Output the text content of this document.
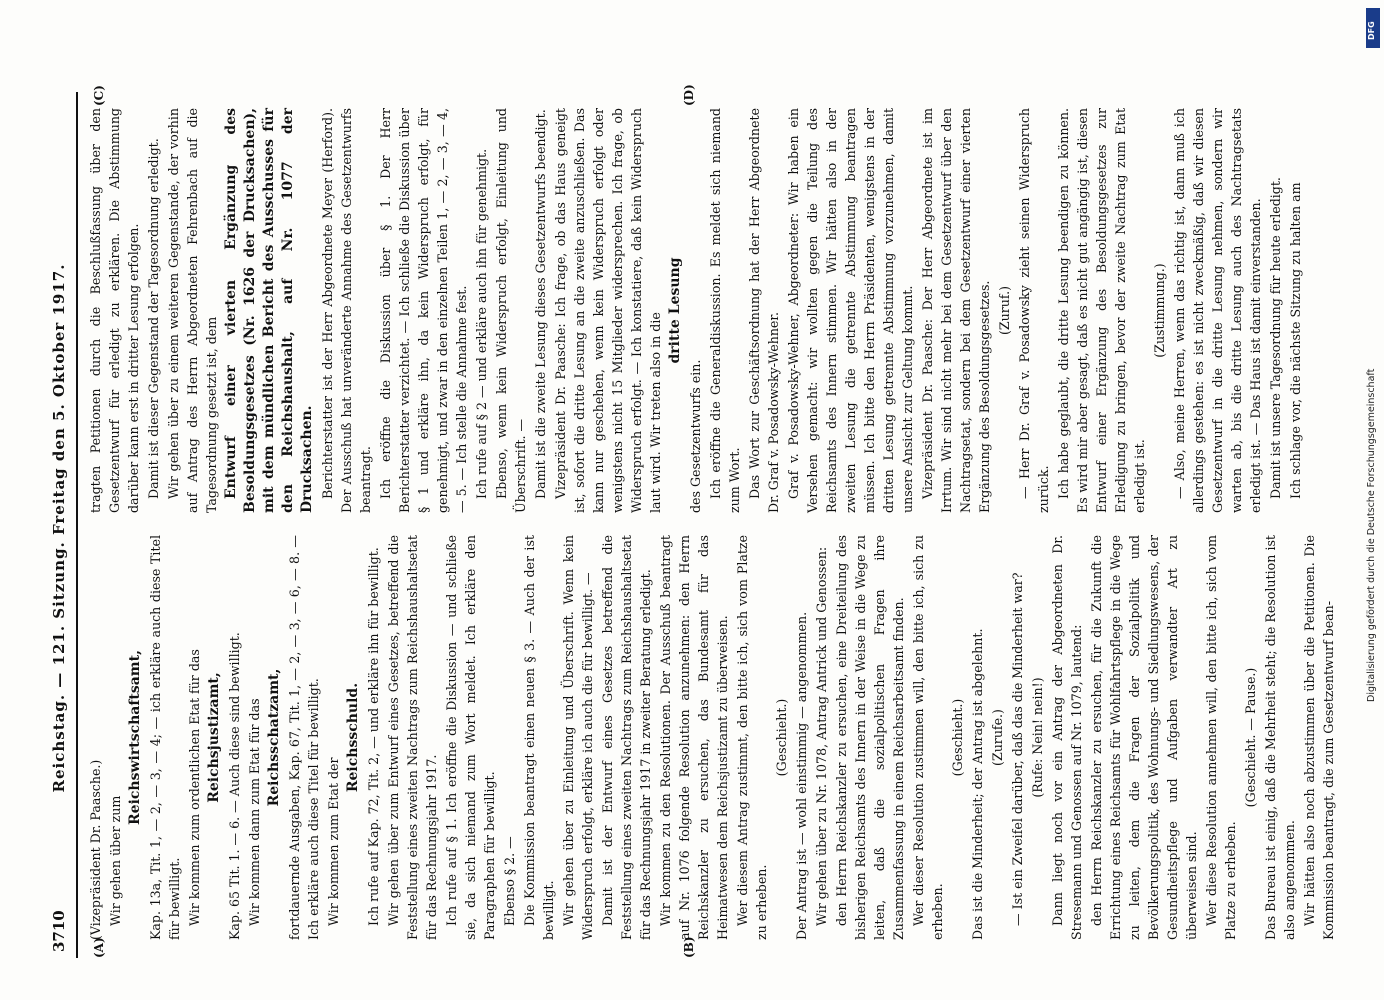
3710
Reichstag. — 121. Sitzung. Freitag den 5. Oktober 1917.
(A)	(B)
(C)	(D)

(Vizepräsident Dr. Paasche.) Wir gehen über zum

Reichswirtschaftsamt, Kap. 13a, Tit. 1, — 2, — 3, — 4; — ich erkläre auch diese Titel für bewilligt. Wir kommen zum ordentlichen Etat für das Reichsjustizamt, Kap. 65 Tit. 1. — 6. — Auch diese sind bewilligt. Wir kommen dann zum Etat für das Reichsschatzamt, fortdauernde Ausgaben, Kap. 67, Tit. 1, — 2, — 3, — 6, — 8. — Ich erkläre auch diese Titel für bewilligt. Wir kommen zum Etat der

Reichsschuld. Ich rufe auf Kap. 72, Tit. 2, — und erkläre ihn für bewilligt. Wir gehen über zum Entwurf eines Gesetzes, betreffend die Feststellung eines zweiten Nachtrags zum Reichshaushaltsetat für das Rechnungsjahr 1917. Ich rufe auf § 1. Ich eröffne die Diskussion — und schließe sie, da sich niemand zum Wort meldet. Ich erkläre den Paragraphen für bewilligt. Ebenso § 2. — Die Kommission beantragt einen neuen § 3. — Auch der ist bewilligt. Wir gehen über zu Einleitung und Überschrift. Wenn kein Widerspruch erfolgt, erkläre ich auch die für bewilligt. — Damit ist der Entwurf eines Gesetzes betreffend die Feststellung eines zweiten Nachtrags zum Reichshaushaltsetat für das Rechnungsjahr 1917 in zweiter Beratung erledigt. Wir kommen zu den Resolutionen. Der Ausschuß beantragt auf Nr. 1076 folgende Resolution anzunehmen: den Herrn Reichskanzler zu ersuchen, das Bundesamt für das Heimatwesen dem Reichsjustizamt zu überweisen. Wer diesem Antrag zustimmt, den bitte ich, sich vom Platze zu erheben.

(Geschieht.) Der Antrag ist — wohl einstimmig — angenommen. Wir gehen über zu Nr. 1078, Antrag Antrick und Genossen: den Herrn Reichskanzler zu ersuchen, eine Dreiteilung des bisherigen Reichsamts des Innern in der Weise in die Wege zu leiten, daß die sozialpolitischen Fragen ihre Zusammenfassung in einem Reichsarbeitsamt finden. Wer dieser Resolution zustimmen will, den bitte ich, sich zu erheben.

(Geschieht.) Das ist die Minderheit; der Antrag ist abgelehnt. (Zurufe.) — Ist ein Zweifel darüber, daß das die Minderheit war? (Rufe: Nein! nein!) Dann liegt noch vor ein Antrag der Abgeordneten Dr. Stresemann und Genossen auf Nr. 1079, lautend: den Herrn Reichskanzler zu ersuchen, für die Zukunft die Errichtung eines Reichsamts für Wohlfahrtspflege in die Wege zu leiten, dem die Fragen der Sozialpolitik und Bevölkerungspolitik, des Wohnungs- und Siedlungswesens, der Gesundheitspflege und Aufgaben verwandter Art zu überweisen sind. Wer diese Resolution annehmen will, den bitte ich, sich vom Platze zu erheben.

(Geschieht. — Pause.) Das Bureau ist einig, daß die Mehrheit steht; die Resolution ist also angenommen. Wir hätten also noch abzustimmen über die Petitionen. Die Kommission beantragt, die zum Gesetzentwurf bean-

tragten Petitionen durch die Beschlußfassung über den Gesetzentwurf für erledigt zu erklären. Die Abstimmung darüber kann erst in dritter Lesung erfolgen. Damit ist dieser Gegenstand der Tagesordnung erledigt. Wir gehen über zu einem weiteren Gegenstande, der vorhin auf Antrag des Herrn Abgeordneten Fehrenbach auf die Tagesordnung gesetzt ist, dem Entwurf einer vierten Ergänzung des Besoldungsgesetzes (Nr. 1626 der Drucksachen), mit dem mündlichen Bericht des Ausschusses für den Reichshaushalt, auf Nr. 1077 der Drucksachen. Berichterstatter ist der Herr Abgeordnete Meyer (Herford). Der Ausschuß hat unveränderte Annahme des Gesetzentwurfs beantragt. Ich eröffne die Diskussion über § 1. Der Herr Berichterstatter verzichtet. — Ich schließe die Diskussion über § 1 und erkläre ihn, da kein Widerspruch erfolgt, für genehmigt, und zwar in den einzelnen Teilen 1, — 2, — 3, — 4, — 5. — Ich stelle die Annahme fest. Ich rufe auf § 2 — und erkläre auch ihn für genehmigt. Ebenso, wenn kein Widerspruch erfolgt, Einleitung und Überschrift. — Damit ist die zweite Lesung dieses Gesetzentwurfs beendigt. Vizepräsident Dr. Paasche: Ich frage, ob das Haus geneigt ist, sofort die dritte Lesung an die zweite anzuschließen. Das kann nur geschehen, wenn kein Widerspruch erfolgt oder wenigstens nicht 15 Mitglieder widersprechen. Ich frage, ob Widerspruch erfolgt. — Ich konstatiere, daß kein Widerspruch laut wird. Wir treten also in die

dritte Lesung

des Gesetzentwurfs ein. Ich eröffne die Generaldiskussion. Es meldet sich niemand zum Wort. Das Wort zur Geschäftsordnung hat der Herr Abgeordnete Dr. Graf v. Posadowsky-Wehner. Graf v. Posadowsky-Wehner, Abgeordneter: Wir haben ein Versehen gemacht: wir wollten gegen die Teilung des Reichsamts des Innern stimmen. Wir hätten also in der zweiten Lesung die getrennte Abstimmung beantragen müssen. Ich bitte den Herrn Präsidenten, wenigstens in der dritten Lesung getrennte Abstimmung vorzunehmen, damit unsere Ansicht zur Geltung kommt. Vizepräsident Dr. Paasche: Der Herr Abgeordnete ist im Irrtum. Wir sind nicht mehr bei dem Gesetzentwurf über den Nachtragsetat, sondern bei dem Gesetzentwurf einer vierten Ergänzung des Besoldungsgesetzes. (Zuruf.) — Herr Dr. Graf v. Posadowsky zieht seinen Widerspruch zurück. Ich habe geglaubt, die dritte Lesung beendigen zu können. Es wird mir aber gesagt, daß es nicht gut angängig ist, diesen Entwurf einer Ergänzung des Besoldungsgesetzes zur Erledigung zu bringen, bevor der zweite Nachtrag zum Etat erledigt ist.

(Zustimmung.) — Also, meine Herren, wenn das richtig ist, dann muß ich allerdings gestehen: es ist nicht zweckmäßig, daß wir diesen Gesetzentwurf in die dritte Lesung nehmen, sondern wir warten ab, bis die dritte Lesung auch des Nachtragsetats erledigt ist. — Das Haus ist damit einverstanden. Damit ist unsere Tagesordnung für heute erledigt. Ich schlage vor, die nächste Sitzung zu halten am

Digitalisierung gefördert durch die Deutsche Forschungsgemeinschaft
DFG
